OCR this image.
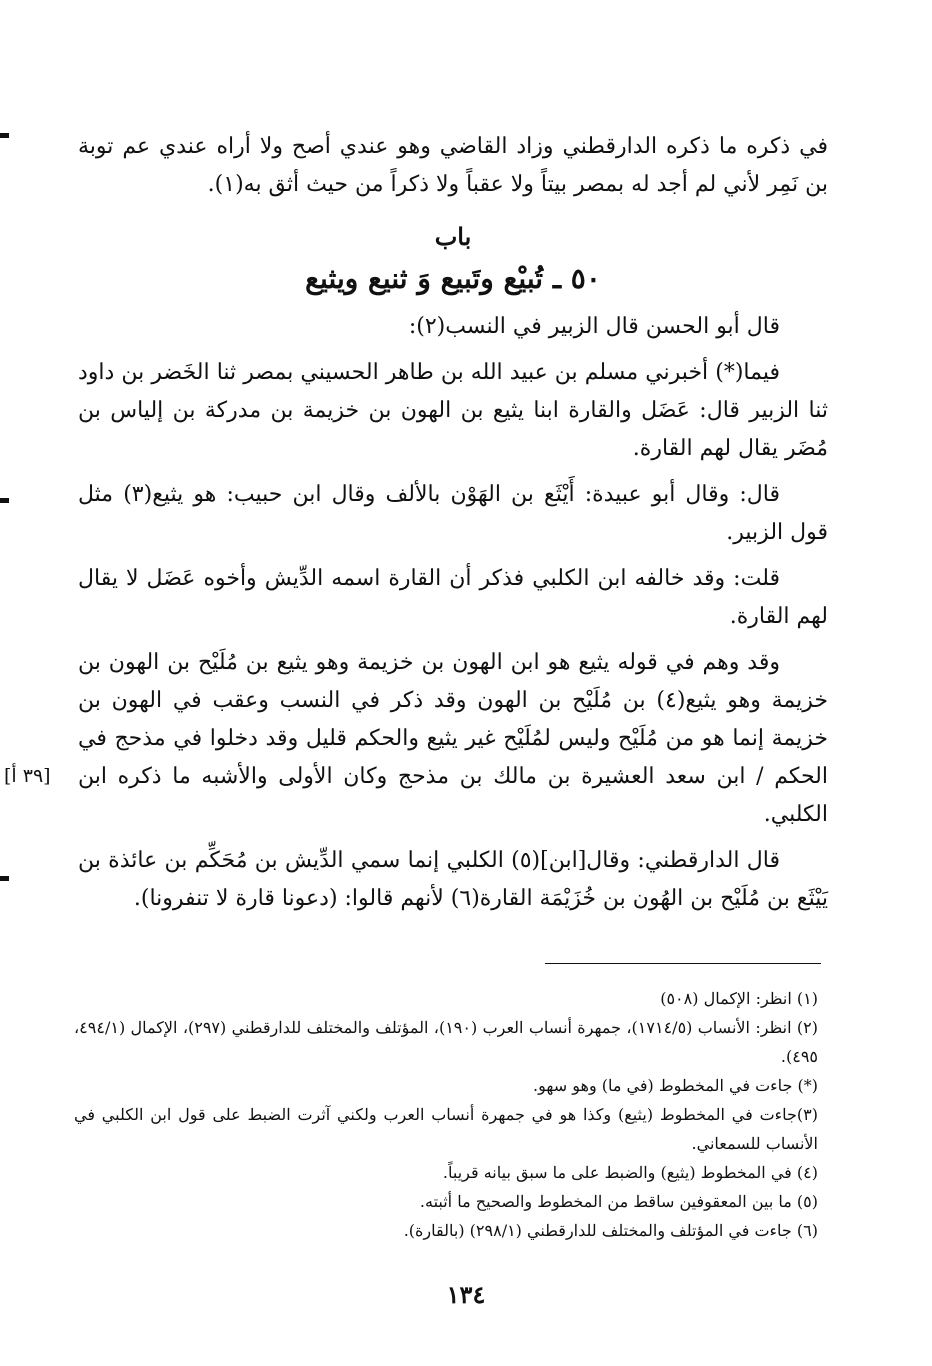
في ذكره ما ذكره الدارقطني وزاد القاضي وهو عندي أصح ولا أراه عندي عم توبة بن نَمِر لأني لم أجد له بمصر بيتاً ولا عقباً ولا ذكراً من حيث أثق به(١).

باب
٥٠ ـ تُبيْع وتَبيع وَ ثنيع ويثيع

قال أبو الحسن قال الزبير في النسب(٢):

فيما(*) أخبرني مسلم بن عبيد الله بن طاهر الحسيني بمصر ثنا الخَضر بن داود ثنا الزبير قال: عَضَل والقارة ابنا يثيع بن الهون بن خزيمة بن مدركة بن إلياس بن مُضَر يقال لهم القارة.

قال: وقال أبو عبيدة: أَيْثَع بن الهَوْن بالألف وقال ابن حبيب: هو يثيع(٣) مثل قول الزبير.

قلت: وقد خالفه ابن الكلبي فذكر أن القارة اسمه الدِّيش وأخوه عَضَل لا يقال لهم القارة.

وقد وهم في قوله يثيع هو ابن الهون بن خزيمة وهو يثيع بن مُلَيْح بن الهون بن خزيمة وهو يثيع(٤) بن مُلَيْح بن الهون وقد ذكر في النسب وعقب في الهون بن خزيمة إنما هو من مُلَيْح وليس لمُلَيْح غير يثيع والحكم قليل وقد دخلوا في مذحج في الحكم / ابن سعد العشيرة بن مالك بن مذحج وكان الأولى والأشبه ما ذكره ابن الكلبي.

قال الدارقطني: وقال[ابن](٥) الكلبي إنما سمي الدِّيش بن مُحَكِّم بن عائذة بن يَيْثَع بن مُلَيْح بن الهُون بن خُزَيْمَة القارة(٦) لأنهم قالوا: (دعونا قارة لا تنفرونا).

[٣٩ أ]

(١) انظر: الإكمال (٥٠٨)

(٢) انظر: الأنساب (١٧١٤/٥)، جمهرة أنساب العرب (١٩٠)، المؤتلف والمختلف للدارقطني (٢٩٧)، الإكمال (٤٩٤/١، ٤٩٥).

(*) جاءت في المخطوط (في ما) وهو سهو.

(٣)جاءت في المخطوط (يثيع) وكذا هو في جمهرة أنساب العرب ولكني آثرت الضبط على قول ابن الكلبي في الأنساب للسمعاني.

(٤) في المخطوط (يثيع) والضبط على ما سبق بيانه قريباً.

(٥) ما بين المعقوفين ساقط من المخطوط والصحيح ما أثبته.

(٦) جاءت في المؤتلف والمختلف للدارقطني (٢٩٨/١) (بالقارة).

١٣٤
